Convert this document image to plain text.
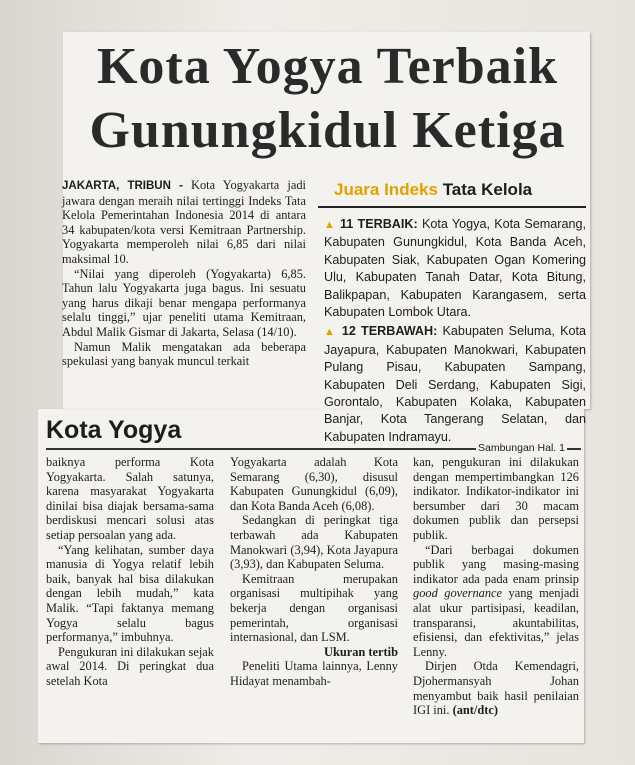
Kota Yogya Terbaik
Gunungkidul Ketiga

JAKARTA, TRIBUN - Kota Yogyakarta jadi jawara dengan meraih nilai tertinggi Indeks Tata Kelola Pemerintahan Indonesia 2014 di antara 34 kabupaten/kota versi Kemitraan Partnership. Yogyakarta memperoleh nilai 6,85 dari nilai maksimal 10.

“Nilai yang diperoleh (Yogyakarta) 6,85. Tahun lalu Yogyakarta juga bagus. Ini sesuatu yang harus dikaji benar mengapa performanya selalu tinggi,” ujar peneliti utama Kemitraan, Abdul Malik Gismar di Jakarta, Selasa (14/10).

Namun Malik mengatakan ada beberapa spekulasi yang banyak muncul terkait

Juara Indeks Tata Kelola
▲ 11 TERBAIK: Kota Yogya, Kota Semarang, Kabupaten Gunungkidul, Kota Banda Aceh, Kabupaten Siak, Kabupaten Ogan Komering Ulu, Kabupaten Tanah Datar, Kota Bitung, Balikpapan, Kabupaten Karangasem, serta Kabupaten Lombok Utara.
▲ 12 TERBAWAH: Kabupaten Seluma, Kota Jayapura, Kabupaten Manokwari, Kabupaten Pulang Pisau, Kabupaten Sampang, Kabupaten Deli Serdang, Kabupaten Sigi, Gorontalo, Kabupaten Kolaka, Kabupaten Banjar, Kota Tangerang Selatan, dan Kabupaten Indramayu.
Kota Yogya
Sambungan Hal. 1

baiknya performa Kota Yogyakarta. Salah satunya, karena masyarakat Yogyakarta dinilai bisa diajak bersama-sama berdiskusi mencari solusi atas setiap persoalan yang ada.

“Yang kelihatan, sumber daya manusia di Yogya relatif lebih baik, banyak hal bisa dilakukan dengan lebih mudah,” kata Malik. “Tapi faktanya memang Yogya selalu bagus performanya,” imbuhnya.

Pengukuran ini dilakukan sejak awal 2014. Di peringkat dua setelah Kota

Yogyakarta adalah Kota Semarang (6,30), disusul Kabupaten Gunungkidul (6,09), dan Kota Banda Aceh (6,08).

Sedangkan di peringkat tiga terbawah ada Kabupaten Manokwari (3,94), Kota Jayapura (3,93), dan Kabupaten Seluma.

Kemitraan merupakan organisasi multipihak yang bekerja dengan organisasi pemerintah, organisasi internasional, dan LSM.

Ukuran tertib

Peneliti Utama lainnya, Lenny Hidayat menambah-

kan, pengukuran ini dilakukan dengan mempertimbangkan 126 indikator. Indikator-indikator ini bersumber dari 30 macam dokumen publik dan persepsi publik.

“Dari berbagai dokumen publik yang masing-masing indikator ada pada enam prinsip good governance yang menjadi alat ukur partisipasi, keadilan, transparansi, akuntabilitas, efisiensi, dan efektivitas,” jelas Lenny.

Dirjen Otda Kemendagri, Djohermansyah Johan menyambut baik hasil penilaian IGI ini. (ant/dtc)
